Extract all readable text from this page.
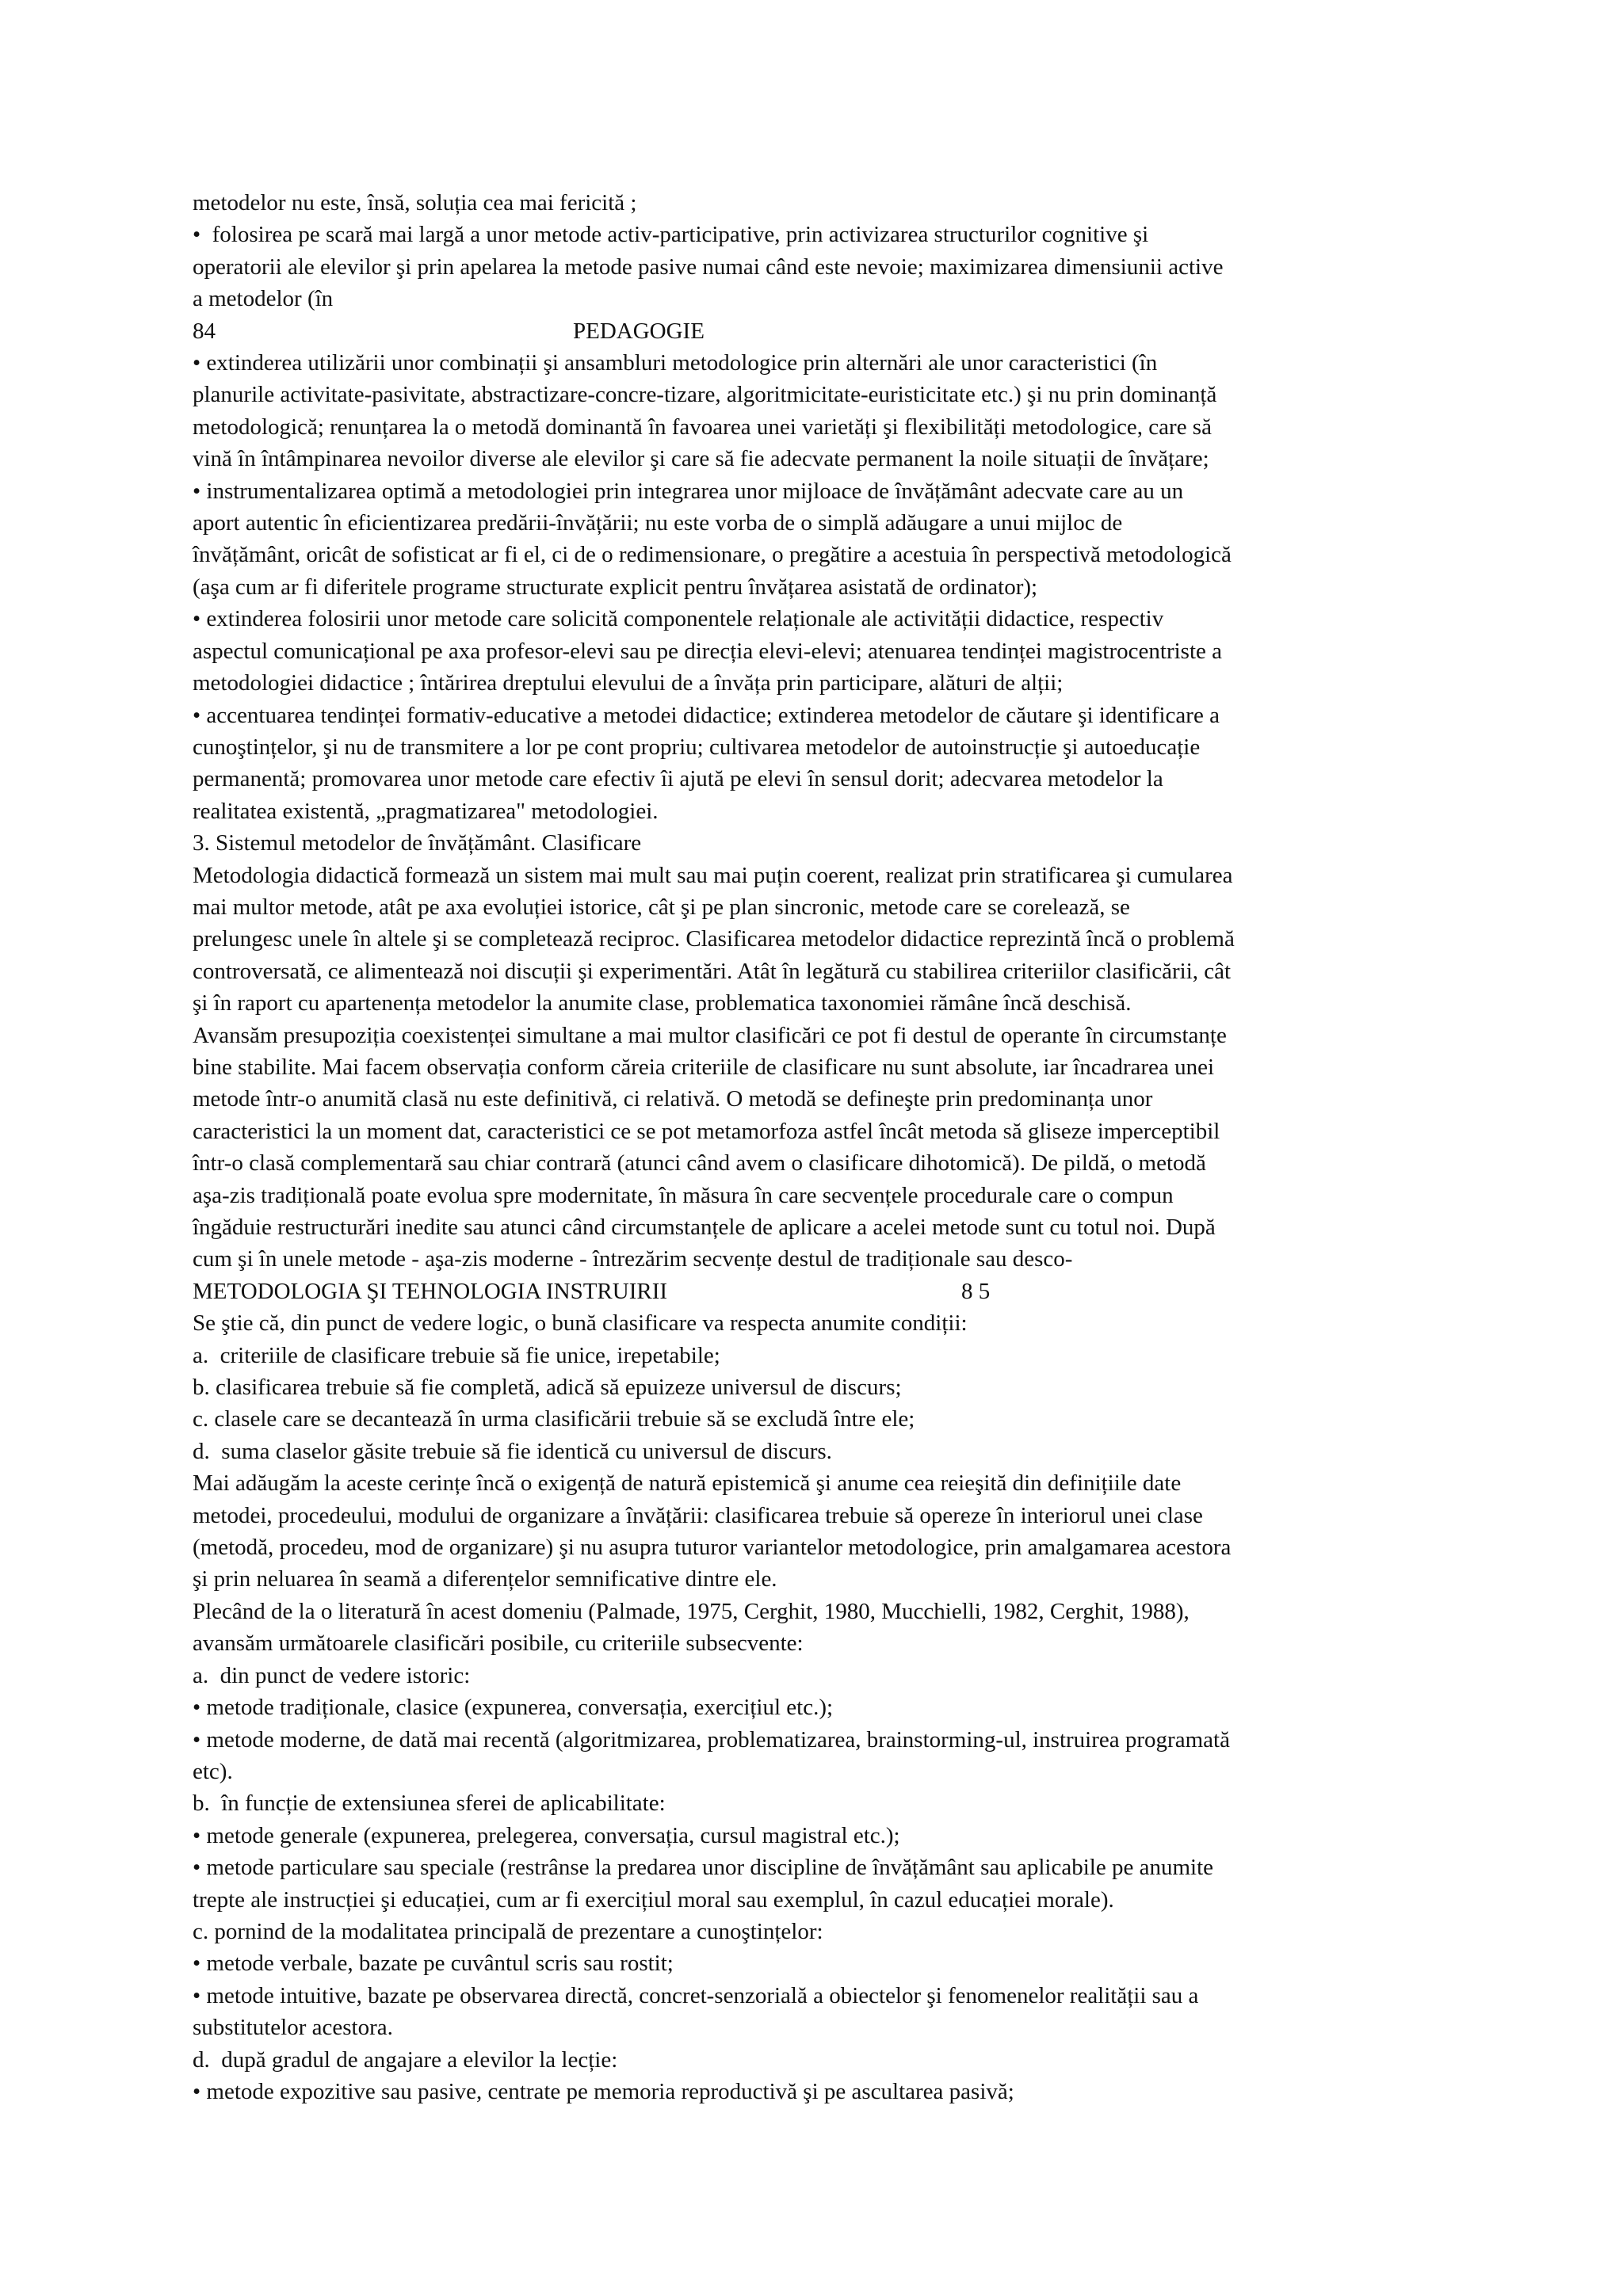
metodelor nu este, însă, soluția cea mai fericită ;
•  folosirea pe scară mai largă a unor metode activ-participative, prin activizarea structurilor cognitive şi
operatorii ale elevilor şi prin apelarea la metode pasive numai când este nevoie; maximizarea dimensiunii active
a metodelor (în
84	PEDAGOGIE
• extinderea utilizării unor combinații şi ansambluri metodologice prin alternări ale unor caracteristici (în
planurile activitate-pasivitate, abstractizare-concre-tizare, algoritmicitate-euristicitate etc.) şi nu prin dominanță
metodologică; renunțarea la o metodă dominantă în favoarea unei varietăți şi flexibilități metodologice, care să
vină în întâmpinarea nevoilor diverse ale elevilor şi care să fie adecvate permanent la noile situații de învățare;
• instrumentalizarea optimă a metodologiei prin integrarea unor mijloace de învățământ adecvate care au un
aport autentic în eficientizarea predării-învățării; nu este vorba de o simplă adăugare a unui mijloc de
învățământ, oricât de sofisticat ar fi el, ci de o redimensionare, o pregătire a acestuia în perspectivă metodologică
(aşa cum ar fi diferitele programe structurate explicit pentru învățarea asistată de ordinator);
• extinderea folosirii unor metode care solicită componentele relaționale ale activității didactice, respectiv
aspectul comunicațional pe axa profesor-elevi sau pe direcția elevi-elevi; atenuarea tendinței magistrocentriste a
metodologiei didactice ; întărirea dreptului elevului de a învăța prin participare, alături de alții;
• accentuarea tendinței formativ-educative a metodei didactice; extinderea metodelor de căutare şi identificare a
cunoştințelor, şi nu de transmitere a lor pe cont propriu; cultivarea metodelor de autoinstrucție şi autoeducație
permanentă; promovarea unor metode care efectiv îi ajută pe elevi în sensul dorit; adecvarea metodelor la
realitatea existentă, „pragmatizarea" metodologiei.
3. Sistemul metodelor de învățământ. Clasificare
Metodologia didactică formează un sistem mai mult sau mai puțin coerent, realizat prin stratificarea şi cumularea
mai multor metode, atât pe axa evoluției istorice, cât şi pe plan sincronic, metode care se corelează, se
prelungesc unele în altele şi se completează reciproc. Clasificarea metodelor didactice reprezintă încă o problemă
controversată, ce alimentează noi discuții şi experimentări. Atât în legătură cu stabilirea criteriilor clasificării, cât
şi în raport cu apartenența metodelor la anumite clase, problematica taxonomiei rămâne încă deschisă.
Avansăm presupoziția coexistenței simultane a mai multor clasificări ce pot fi destul de operante în circumstanțe
bine stabilite. Mai facem observația conform căreia criteriile de clasificare nu sunt absolute, iar încadrarea unei
metode într-o anumită clasă nu este definitivă, ci relativă. O metodă se defineşte prin predominanța unor
caracteristici la un moment dat, caracteristici ce se pot metamorfoza astfel încât metoda să gliseze imperceptibil
într-o clasă complementară sau chiar contrară (atunci când avem o clasificare dihotomică). De pildă, o metodă
aşa-zis tradițională poate evolua spre modernitate, în măsura în care secvențele procedurale care o compun
îngăduie restructurări inedite sau atunci când circumstanțele de aplicare a acelei metode sunt cu totul noi. După
cum şi în unele metode - aşa-zis moderne - întrezărim secvențe destul de tradiționale sau desco-
METODOLOGIA ŞI TEHNOLOGIA INSTRUIRII	8 5
Se ştie că, din punct de vedere logic, o bună clasificare va respecta anumite condiții:
a.  criteriile de clasificare trebuie să fie unice, irepetabile;
b. clasificarea trebuie să fie completă, adică să epuizeze universul de discurs;
c. clasele care se decantează în urma clasificării trebuie să se excludă între ele;
d.  suma claselor găsite trebuie să fie identică cu universul de discurs.
Mai adăugăm la aceste cerințe încă o exigență de natură epistemică şi anume cea reieşită din definițiile date
metodei, procedeului, modului de organizare a învățării: clasificarea trebuie să opereze în interiorul unei clase
(metodă, procedeu, mod de organizare) şi nu asupra tuturor variantelor metodologice, prin amalgamarea acestora
şi prin neluarea în seamă a diferențelor semnificative dintre ele.
Plecând de la o literatură în acest domeniu (Palmade, 1975, Cerghit, 1980, Mucchielli, 1982, Cerghit, 1988),
avansăm următoarele clasificări posibile, cu criteriile subsecvente:
a.  din punct de vedere istoric:
• metode tradiționale, clasice (expunerea, conversația, exercițiul etc.);
• metode moderne, de dată mai recentă (algoritmizarea, problematizarea, brainstorming-ul, instruirea programată
etc).
b.  în funcție de extensiunea sferei de aplicabilitate:
• metode generale (expunerea, prelegerea, conversația, cursul magistral etc.);
• metode particulare sau speciale (restrânse la predarea unor discipline de învățământ sau aplicabile pe anumite
trepte ale instrucției şi educației, cum ar fi exercițiul moral sau exemplul, în cazul educației morale).
c. pornind de la modalitatea principală de prezentare a cunoştințelor:
• metode verbale, bazate pe cuvântul scris sau rostit;
• metode intuitive, bazate pe observarea directă, concret-senzorială a obiectelor şi fenomenelor realității sau a
substitutelor acestora.
d.  după gradul de angajare a elevilor la lecție:
• metode expozitive sau pasive, centrate pe memoria reproductivă şi pe ascultarea pasivă;
